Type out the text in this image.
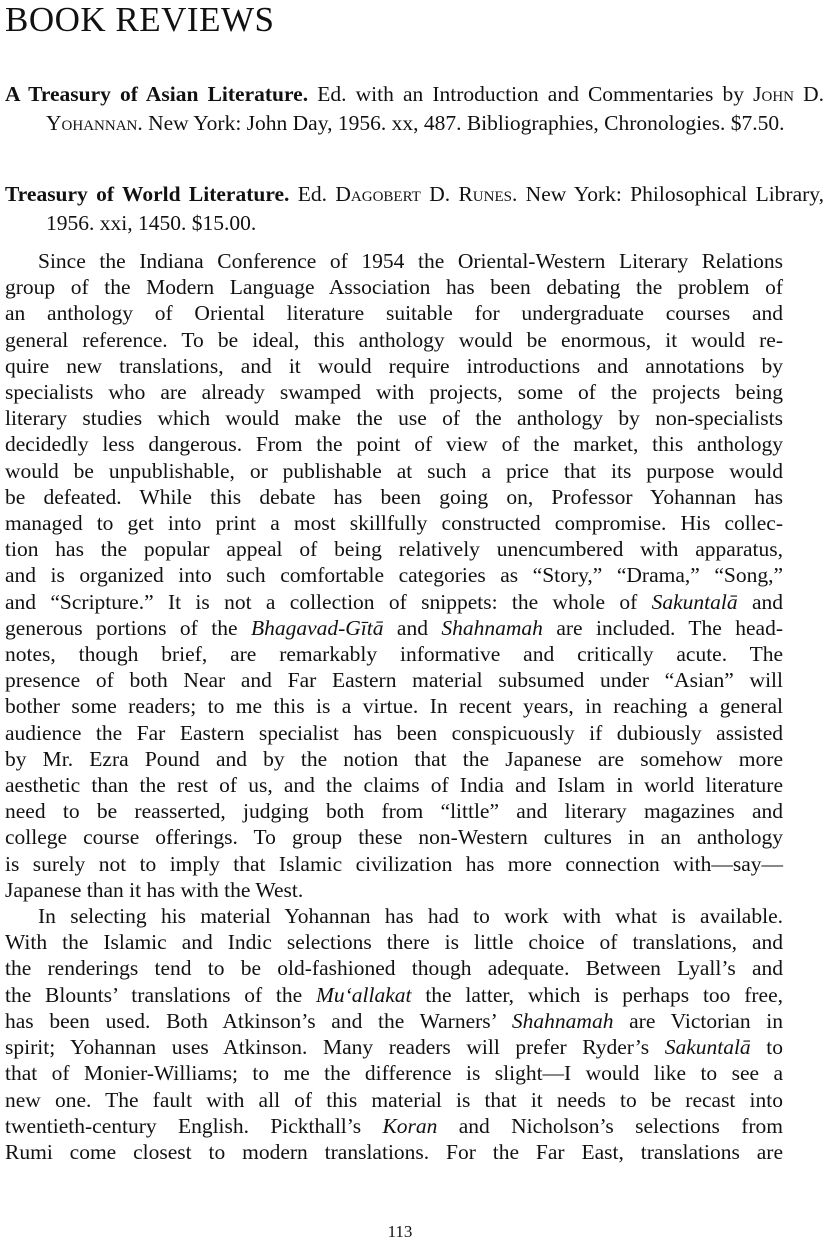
BOOK REVIEWS

A Treasury of Asian Literature. Ed. with an Introduction and Commentaries by John D. Yohannan. New York: John Day, 1956. xx, 487. Bibliographies, Chronologies. $7.50.

Treasury of World Literature. Ed. Dagobert D. Runes. New York: Philosophical Library, 1956. xxi, 1450. $15.00.

Since the Indiana Conference of 1954 the Oriental-Western Literary Relations
group of the Modern Language Association has been debating the problem of
an anthology of Oriental literature suitable for undergraduate courses and
general reference. To be ideal, this anthology would be enormous, it would re-
quire new translations, and it would require introductions and annotations by
specialists who are already swamped with projects, some of the projects being
literary studies which would make the use of the anthology by non-specialists
decidedly less dangerous. From the point of view of the market, this anthology
would be unpublishable, or publishable at such a price that its purpose would
be defeated. While this debate has been going on, Professor Yohannan has
managed to get into print a most skillfully constructed compromise. His collec-
tion has the popular appeal of being relatively unencumbered with apparatus,
and is organized into such comfortable categories as “Story,” “Drama,” “Song,”
and “Scripture.” It is not a collection of snippets: the whole of Sakuntalā and
generous portions of the Bhagavad-Gītā and Shahnamah are included. The head-
notes, though brief, are remarkably informative and critically acute. The
presence of both Near and Far Eastern material subsumed under “Asian” will
bother some readers; to me this is a virtue. In recent years, in reaching a general
audience the Far Eastern specialist has been conspicuously if dubiously assisted
by Mr. Ezra Pound and by the notion that the Japanese are somehow more
aesthetic than the rest of us, and the claims of India and Islam in world literature
need to be reasserted, judging both from “little” and literary magazines and
college course offerings. To group these non-Western cultures in an anthology
is surely not to imply that Islamic civilization has more connection with—say—
Japanese than it has with the West.

In selecting his material Yohannan has had to work with what is available.
With the Islamic and Indic selections there is little choice of translations, and
the renderings tend to be old-fashioned though adequate. Between Lyall’s and
the Blounts’ translations of the Mu‘allakat the latter, which is perhaps too free,
has been used. Both Atkinson’s and the Warners’ Shahnamah are Victorian in
spirit; Yohannan uses Atkinson. Many readers will prefer Ryder’s Sakuntalā to
that of Monier-Williams; to me the difference is slight—I would like to see a
new one. The fault with all of this material is that it needs to be recast into
twentieth-century English. Pickthall’s Koran and Nicholson’s selections from
Rumi come closest to modern translations. For the Far East, translations are

113
